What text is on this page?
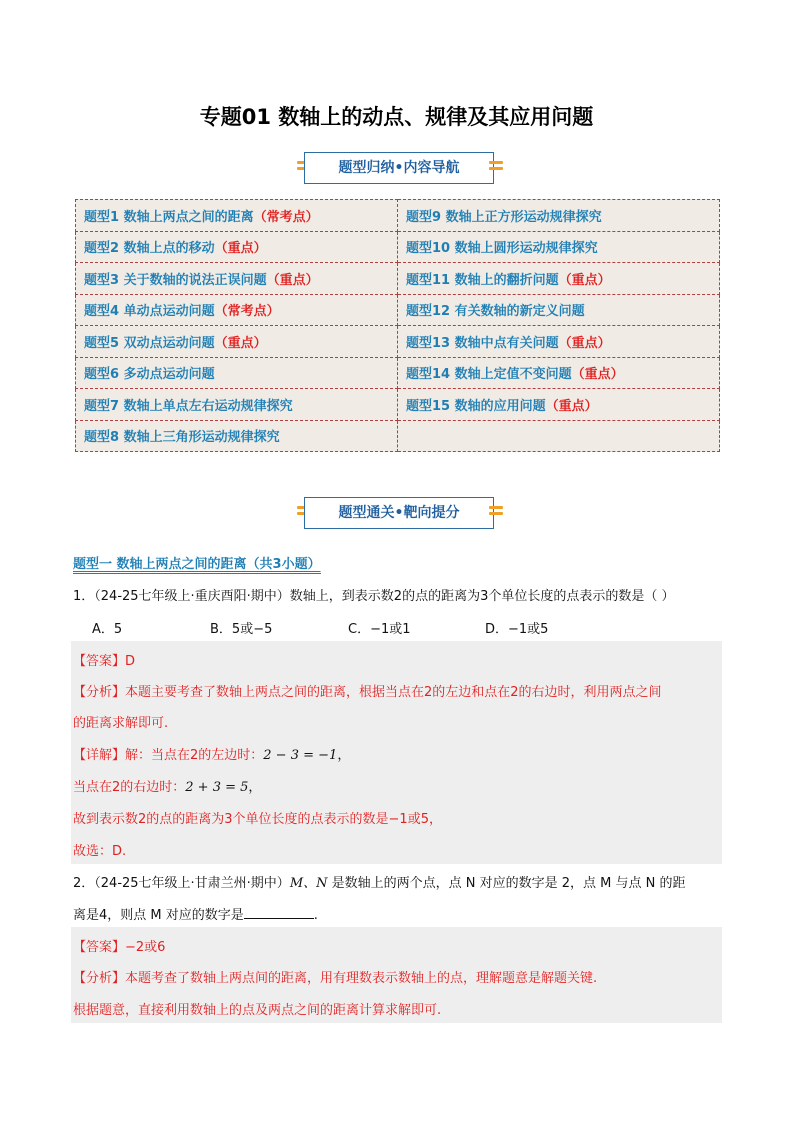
专题01 数轴上的动点、规律及其应用问题
题型归纳•内容导航
题型1 数轴上两点之间的距离（常考点）	题型9 数轴上正方形运动规律探究
题型2 数轴上点的移动（重点）	题型10 数轴上圆形运动规律探究
题型3 关于数轴的说法正误问题（重点）	题型11 数轴上的翻折问题（重点）
题型4 单动点运动问题（常考点）	题型12 有关数轴的新定义问题
题型5 双动点运动问题（重点）	题型13 数轴中点有关问题（重点）
题型6 多动点运动问题	题型14 数轴上定值不变问题（重点）
题型7 数轴上单点左右运动规律探究	题型15 数轴的应用问题（重点）
题型8 数轴上三角形运动规律探究	
题型通关•靶向提分
题型一 数轴上两点之间的距离（共3小题）
1．（24-25七年级上·重庆酉阳·期中）数轴上，到表示数2的点的距离为3个单位长度的点表示的数是（ ）
A．5	B．5或−5	C．−1或1	D．−1或5
【答案】D
【分析】本题主要考查了数轴上两点之间的距离，根据当点在2的左边和点在2的右边时，利用两点之间
的距离求解即可.
【详解】解：当点在2的左边时：2 − 3 = −1，
当点在2的右边时：2 + 3 = 5，
故到表示数2的点的距离为3个单位长度的点表示的数是−1或5，
故选：D.
2．（24-25七年级上·甘肃兰州·期中）M、N 是数轴上的两个点，点 N 对应的数字是 2，点 M 与点 N 的距
离是4，则点 M 对应的数字是	.
【答案】−2或6
【分析】本题考查了数轴上两点间的距离，用有理数表示数轴上的点，理解题意是解题关键.
根据题意，直接利用数轴上的点及两点之间的距离计算求解即可.
